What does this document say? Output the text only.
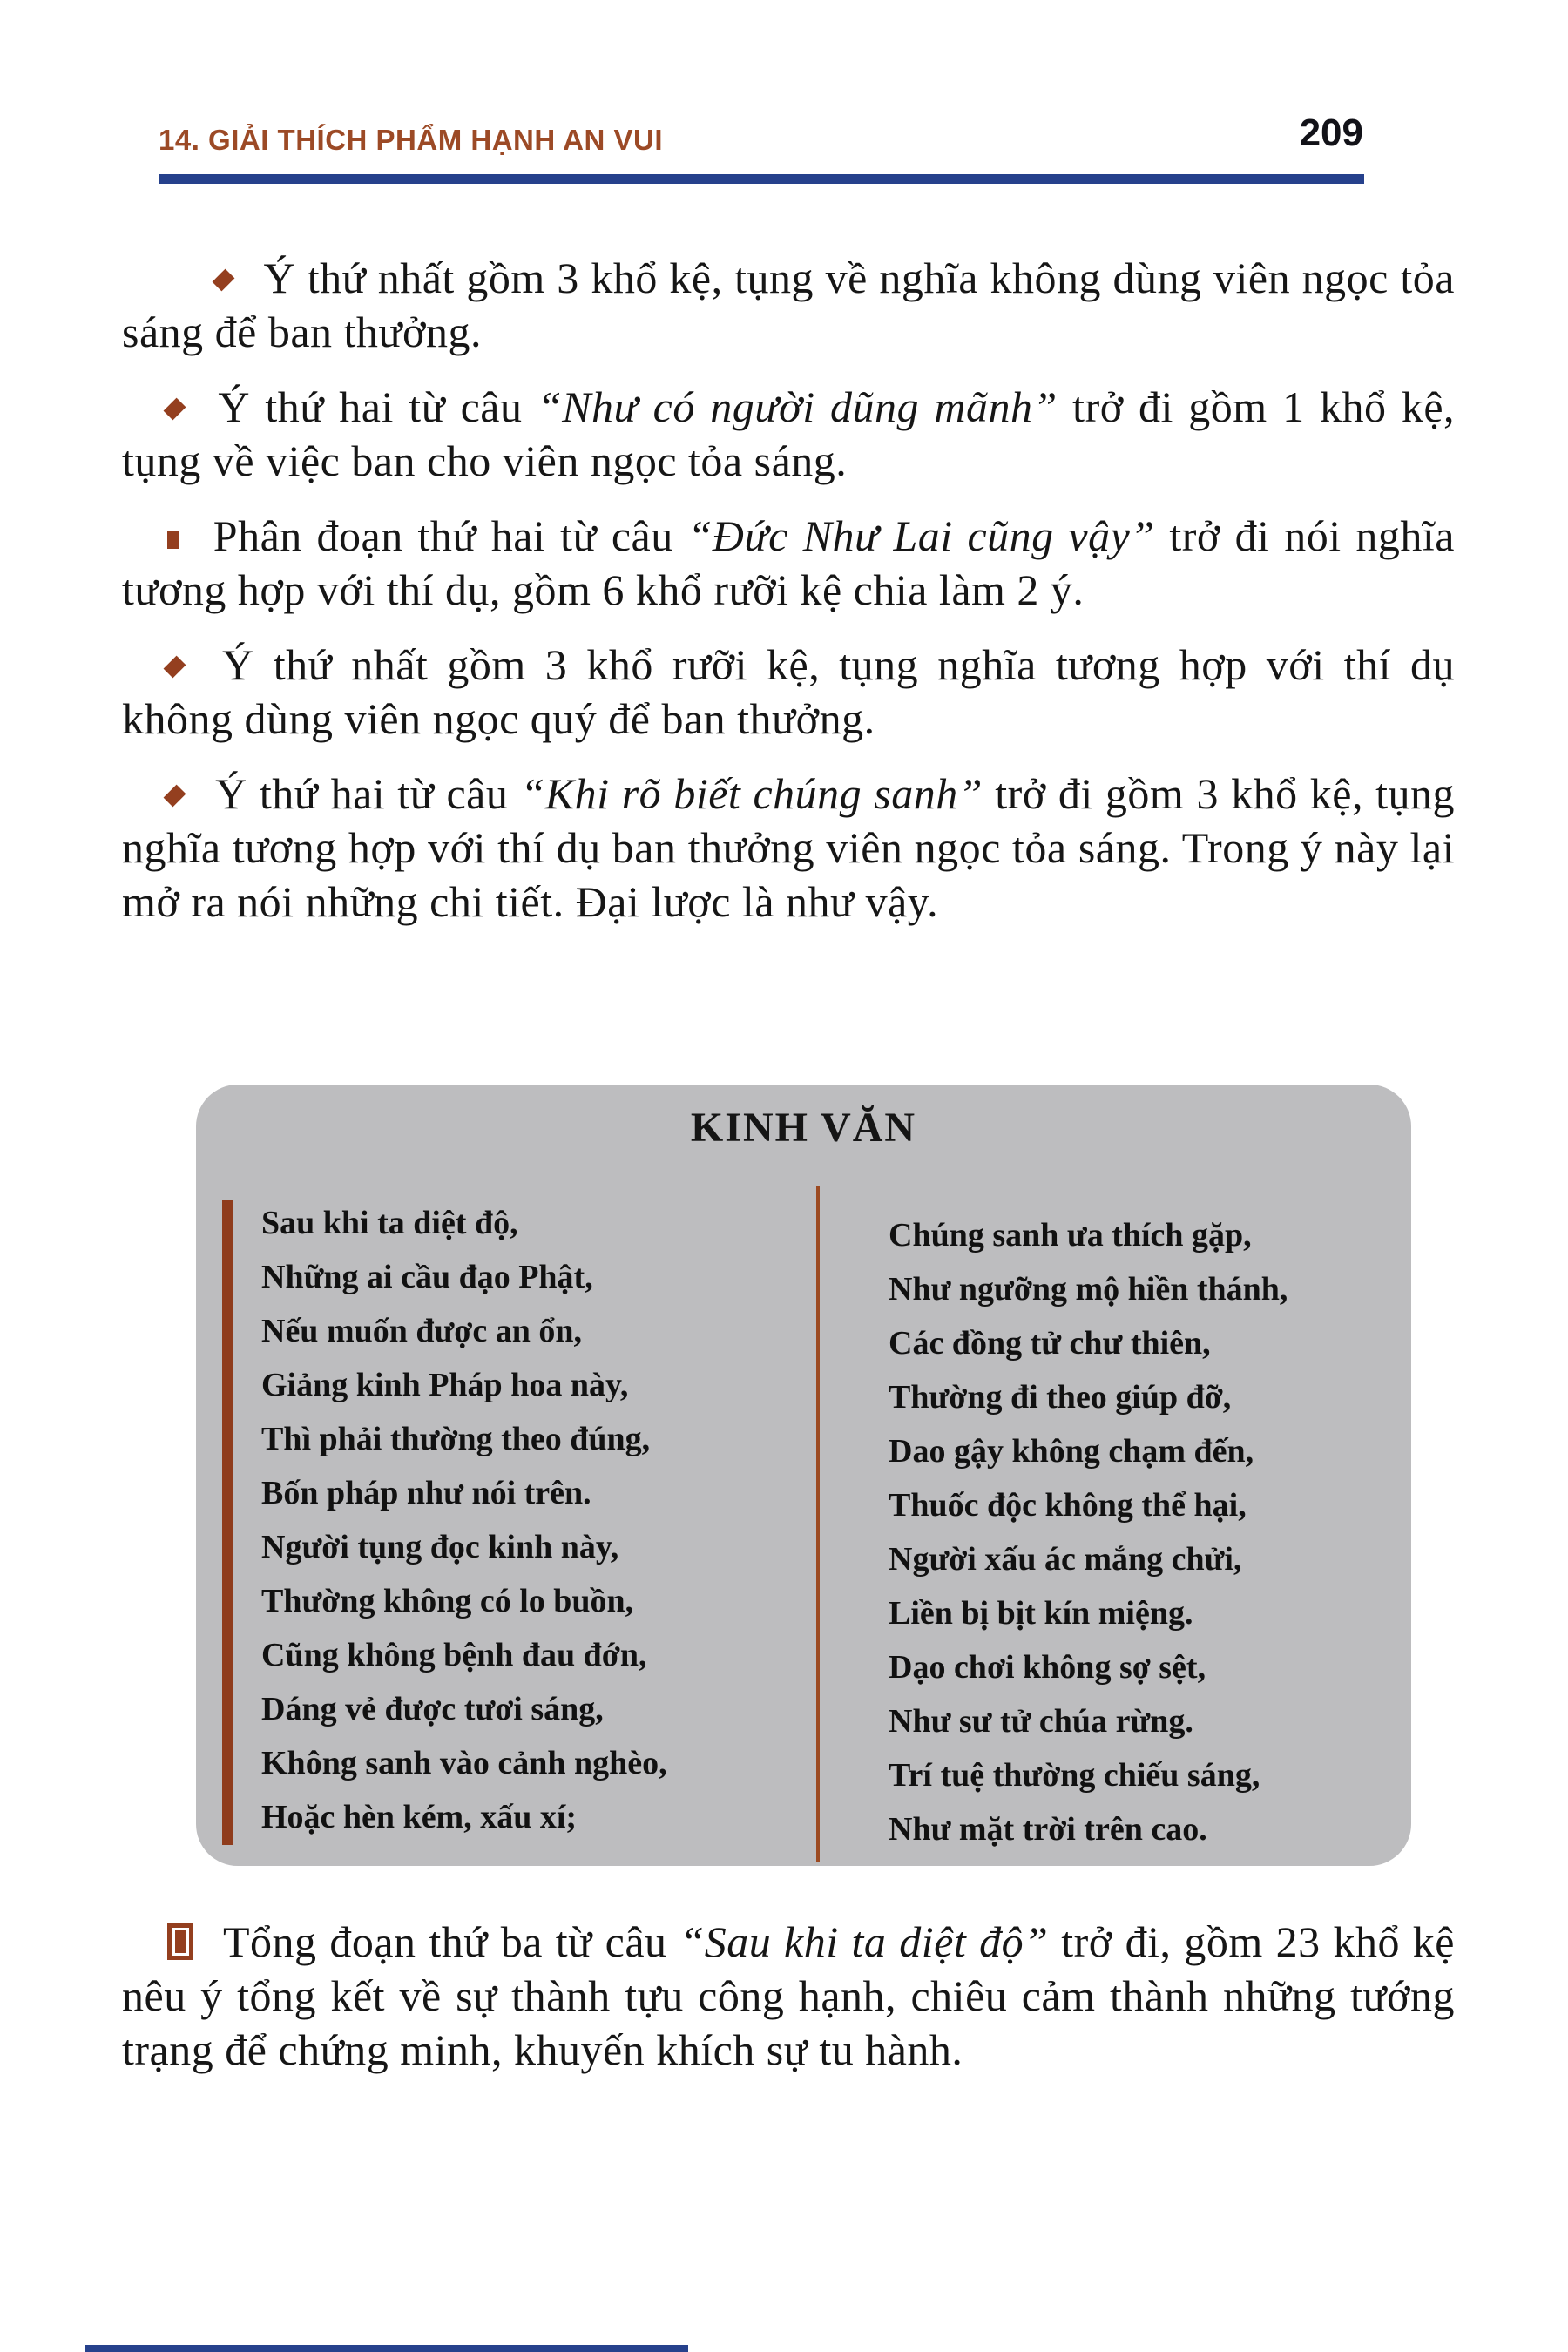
14. GIẢI THÍCH PHẨM HẠNH AN VUI	209

Ý thứ nhất gồm 3 khổ kệ, tụng về nghĩa không dùng viên ngọc tỏa sáng để ban thưởng.

Ý thứ hai từ câu “Như có người dũng mãnh” trở đi gồm 1 khổ kệ, tụng về việc ban cho viên ngọc tỏa sáng.

Phân đoạn thứ hai từ câu “Đức Như Lai cũng vậy” trở đi nói nghĩa tương hợp với thí dụ, gồm 6 khổ rưỡi kệ chia làm 2 ý.

Ý thứ nhất gồm 3 khổ rưỡi kệ, tụng nghĩa tương hợp với thí dụ không dùng viên ngọc quý để ban thưởng.

Ý thứ hai từ câu “Khi rõ biết chúng sanh” trở đi gồm 3 khổ kệ, tụng nghĩa tương hợp với thí dụ ban thưởng viên ngọc tỏa sáng. Trong ý này lại mở ra nói những chi tiết. Đại lược là như vậy.

KINH VĂN
Sau khi ta diệt độ,
Những ai cầu đạo Phật,
Nếu muốn được an ổn,
Giảng kinh Pháp hoa này,
Thì phải thường theo đúng,
Bốn pháp như nói trên.
Người tụng đọc kinh này,
Thường không có lo buồn,
Cũng không bệnh đau đớn,
Dáng vẻ được tươi sáng,
Không sanh vào cảnh nghèo,
Hoặc hèn kém, xấu xí;
Chúng sanh ưa thích gặp,
Như ngưỡng mộ hiền thánh,
Các đồng tử chư thiên,
Thường đi theo giúp đỡ,
Dao gậy không chạm đến,
Thuốc độc không thể hại,
Người xấu ác mắng chửi,
Liền bị bịt kín miệng.
Dạo chơi không sợ sệt,
Như sư tử chúa rừng.
Trí tuệ thường chiếu sáng,
Như mặt trời trên cao.
Tổng đoạn thứ ba từ câu “Sau khi ta diệt độ” trở đi, gồm 23 khổ kệ nêu ý tổng kết về sự thành tựu công hạnh, chiêu cảm thành những tướng trạng để chứng minh, khuyến khích sự tu hành.
